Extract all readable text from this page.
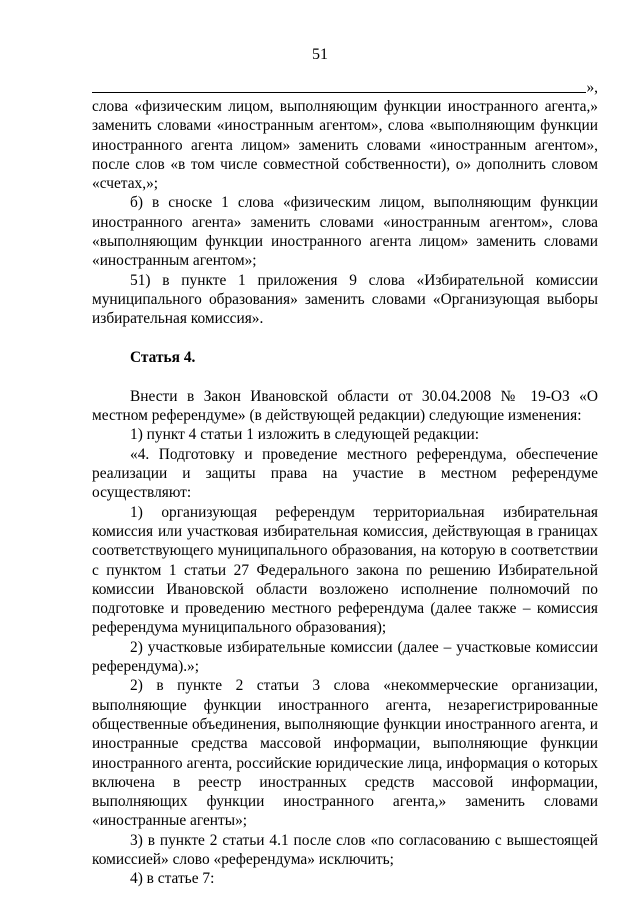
51
»,

слова «физическим лицом, выполняющим функции иностранного агента,» заменить словами «иностранным агентом», слова «выполняющим функции иностранного агента лицом» заменить словами «иностранным агентом», после слов «в том числе совместной собственности), о» дополнить словом «счетах,»;

б) в сноске 1 слова «физическим лицом, выполняющим функции иностранного агента» заменить словами «иностранным агентом», слова «выполняющим функции иностранного агента лицом» заменить словами «иностранным агентом»;

51) в пункте 1 приложения 9 слова «Избирательной комиссии муниципального образования» заменить словами «Организующая выборы избирательная комиссия».

Статья 4.

Внести в Закон Ивановской области от 30.04.2008 № 19-ОЗ «О местном референдуме» (в действующей редакции) следующие изменения:

1) пункт 4 статьи 1 изложить в следующей редакции:

«4. Подготовку и проведение местного референдума, обеспечение реализации и защиты права на участие в местном референдуме осуществляют:

1) организующая референдум территориальная избирательная комиссия или участковая избирательная комиссия, действующая в границах соответствующего муниципального образования, на которую в соответствии с пунктом 1 статьи 27 Федерального закона по решению Избирательной комиссии Ивановской области возложено исполнение полномочий по подготовке и проведению местного референдума (далее также – комиссия референдума муниципального образования);

2) участковые избирательные комиссии (далее – участковые комиссии референдума).»;

2) в пункте 2 статьи 3 слова «некоммерческие организации, выполняющие функции иностранного агента, незарегистрированные общественные объединения, выполняющие функции иностранного агента, и иностранные средства массовой информации, выполняющие функции иностранного агента, российские юридические лица, информация о которых включена в реестр иностранных средств массовой информации, выполняющих функции иностранного агента,» заменить словами «иностранные агенты»;

3) в пункте 2 статьи 4.1 после слов «по согласованию с вышестоящей комиссией» слово «референдума» исключить;

4) в статье 7:
